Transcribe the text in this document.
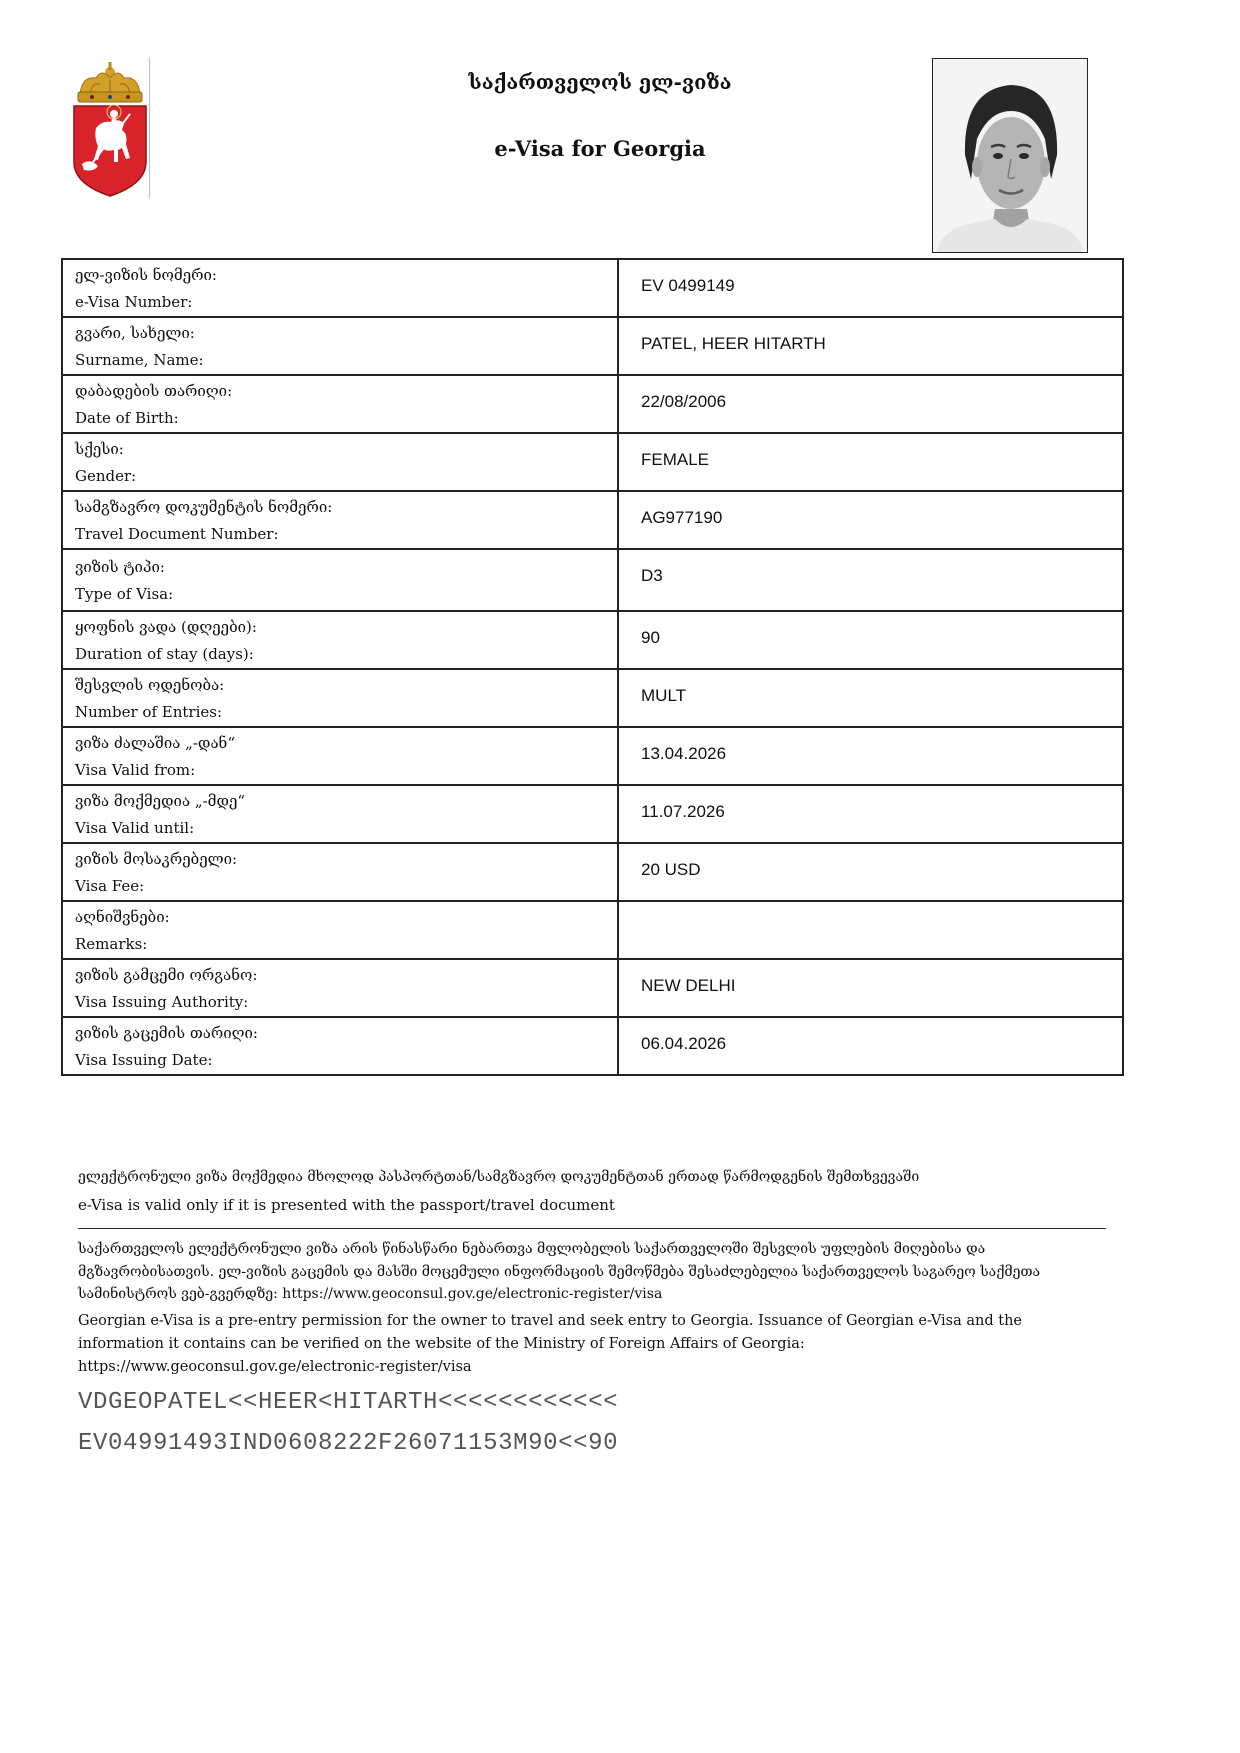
საქართველოს ელ-ვიზა
e-Visa for Georgia
ელ-ვიზის ნომერი:
e-Visa Number:	EV 0499149

გვარი, სახელი:
Surname, Name:	PATEL, HEER HITARTH

დაბადების თარიღი:
Date of Birth:	22/08/2006

სქესი:
Gender:	FEMALE

სამგზავრო დოკუმენტის ნომერი:
Travel Document Number:	AG977190

ვიზის ტიპი:
Type of Visa:	D3

ყოფნის ვადა (დღეები):
Duration of stay (days):	90

შესვლის ოდენობა:
Number of Entries:	MULT

ვიზა ძალაშია „-დან“
Visa Valid from:	13.04.2026

ვიზა მოქმედია „-მდე“
Visa Valid until:	11.07.2026

ვიზის მოსაკრებელი:
Visa Fee:	20 USD

აღნიშვნები:
Remarks:	

ვიზის გამცემი ორგანო:
Visa Issuing Authority:	NEW DELHI

ვიზის გაცემის თარიღი:
Visa Issuing Date:	06.04.2026
ელექტრონული ვიზა მოქმედია მხოლოდ პასპორტთან/სამგზავრო დოკუმენტთან ერთად წარმოდგენის შემთხვევაში
e-Visa is valid only if it is presented with the passport/travel document
საქართველოს ელექტრონული ვიზა არის წინასწარი ნებართვა მფლობელის საქართველოში შესვლის უფლების მიღებისა და მგზავრობისათვის. ელ-ვიზის გაცემის და მასში მოცემული ინფორმაციის შემოწმება შესაძლებელია საქართველოს საგარეო საქმეთა სამინისტროს ვებ-გვერდზე: https://www.geoconsul.gov.ge/electronic-register/visa
Georgian e-Visa is a pre-entry permission for the owner to travel and seek entry to Georgia. Issuance of Georgian e-Visa and the information it contains can be verified on the website of the Ministry of Foreign Affairs of Georgia: https://www.geoconsul.gov.ge/electronic-register/visa
VDGEOPATEL<<HEER<HITARTH<<<<<<<<<<<<
EV04991493IND0608222F26071153M90<<90
